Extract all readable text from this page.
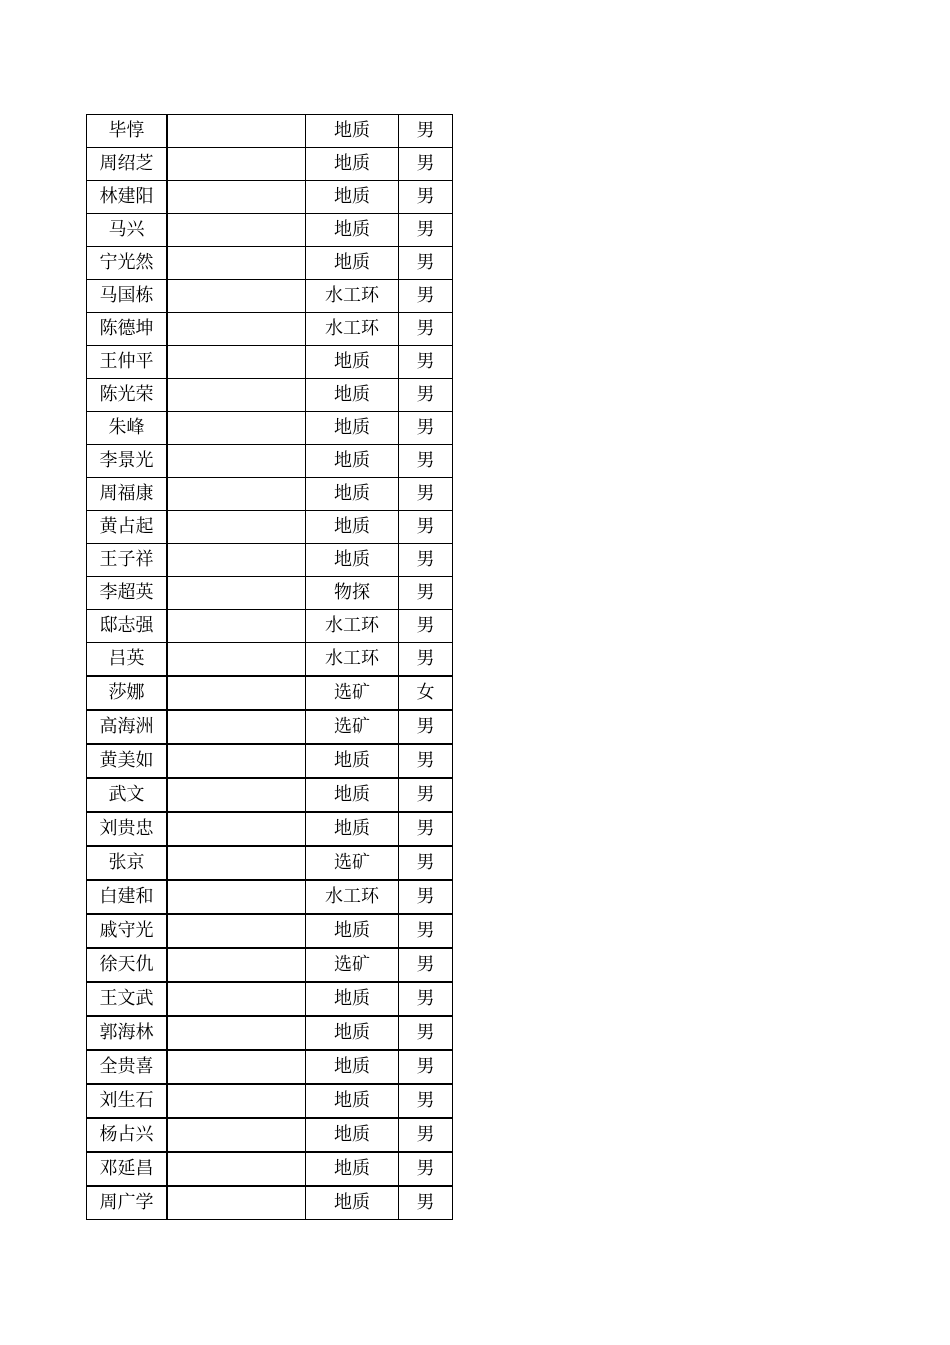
毕惇		地质	男
周绍芝		地质	男
林建阳		地质	男
马兴		地质	男
宁光然		地质	男
马国栋		水工环	男
陈德坤		水工环	男
王仲平		地质	男
陈光荣		地质	男
朱峰		地质	男
李景光		地质	男
周福康		地质	男
黄占起		地质	男
王子祥		地质	男
李超英		物探	男
邸志强		水工环	男
吕英		水工环	男
莎娜		选矿	女
高海洲		选矿	男
黄美如		地质	男
武文		地质	男
刘贵忠		地质	男
张京		选矿	男
白建和		水工环	男
戚守光		地质	男
徐天仇		选矿	男
王文武		地质	男
郭海林		地质	男
全贵喜		地质	男
刘生石		地质	男
杨占兴		地质	男
邓延昌		地质	男
周广学		地质	男
